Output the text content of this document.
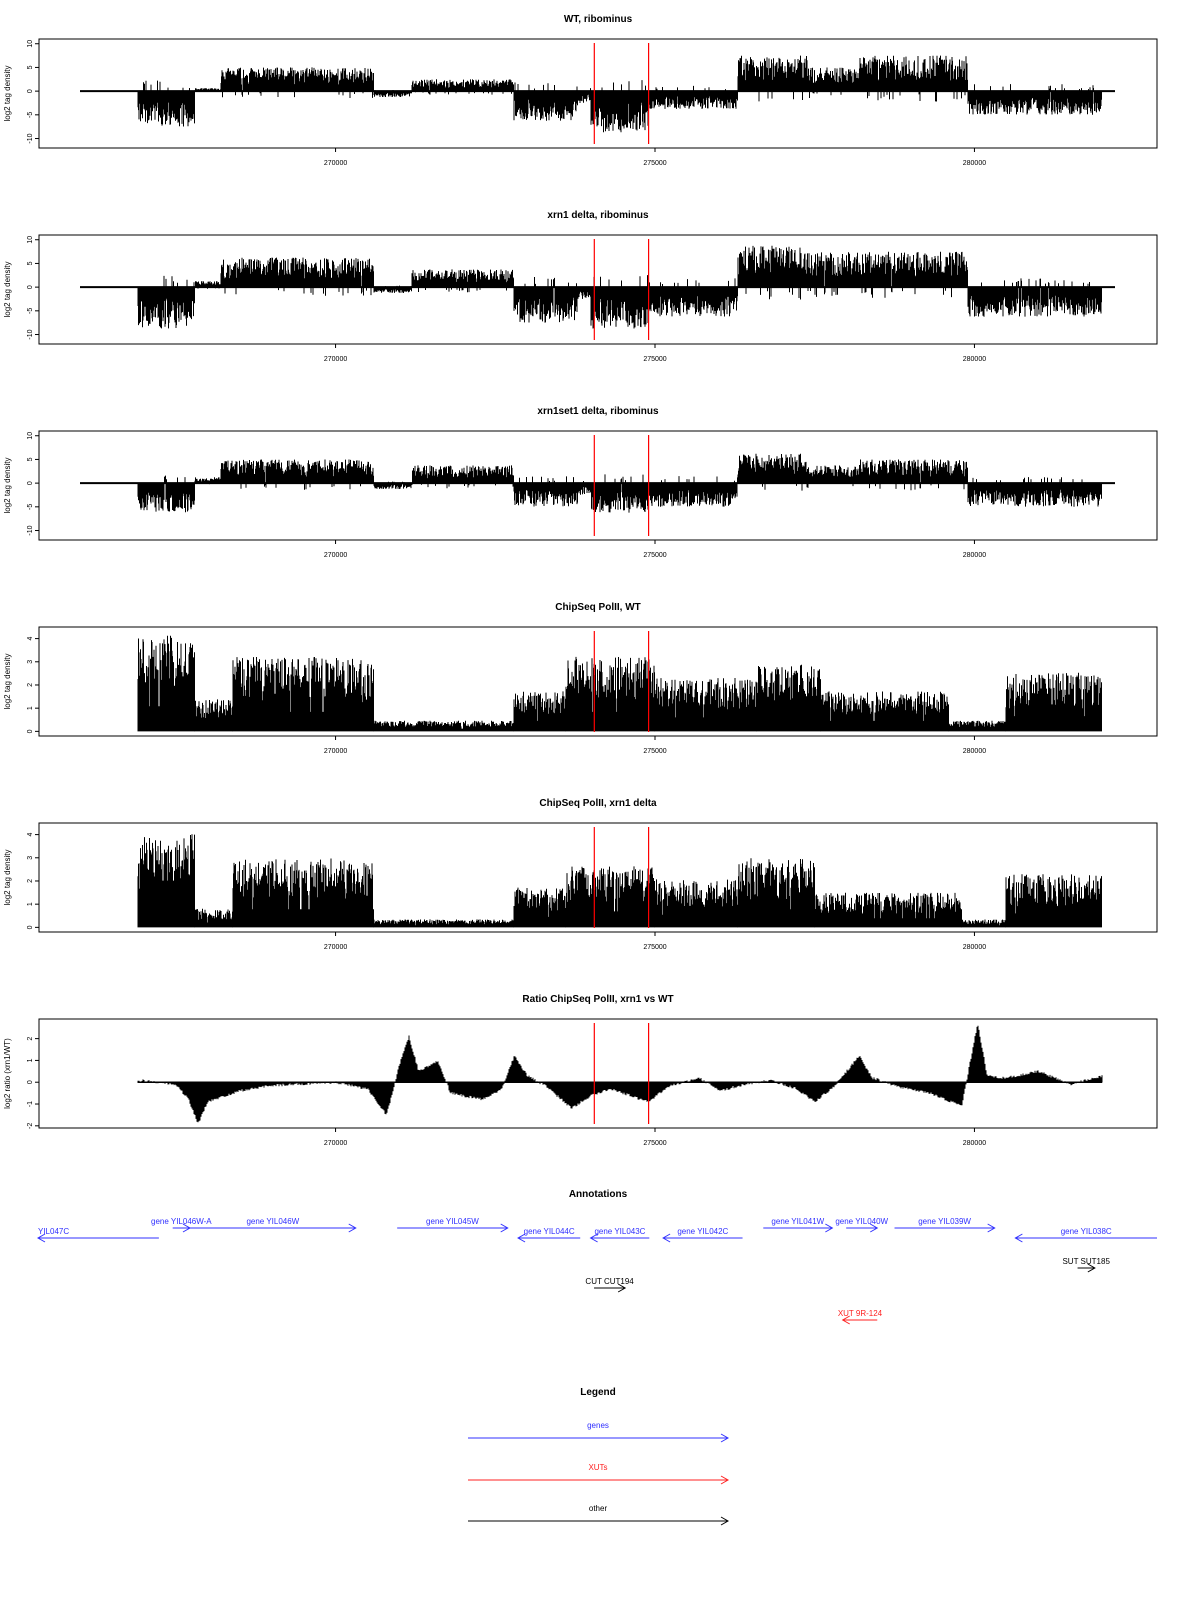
WT, ribominus
-10
-5
0
5
10
log2 tag density
270000	275000	280000
xrn1 delta, ribominus
-10
-5
0
5
10
log2 tag density
270000	275000	280000
xrn1set1 delta, ribominus
-10
-5
0
5
10
log2 tag density
270000	275000	280000
ChipSeq PolII, WT
0
1
2
3
4
log2 tag density
270000	275000	280000
ChipSeq PolII, xrn1 delta
0
1
2
3
4
log2 tag density
270000	275000	280000
Ratio ChipSeq PolII, xrn1 vs WT
-2
-1
0
1
2
log2 ratio (xrn1/WT)
270000	275000	280000
Annotations
YIL047C
gene YIL046W-A	gene YIL046W	gene YIL045W
gene YIL044C gene YIL043C	gene YIL042C
gene YIL041W gene YIL040W	gene YIL039W
gene YIL038C
SUT SUT185
CUT CUT194
XUT 9R-124
Legend
genes
XUTs
other
